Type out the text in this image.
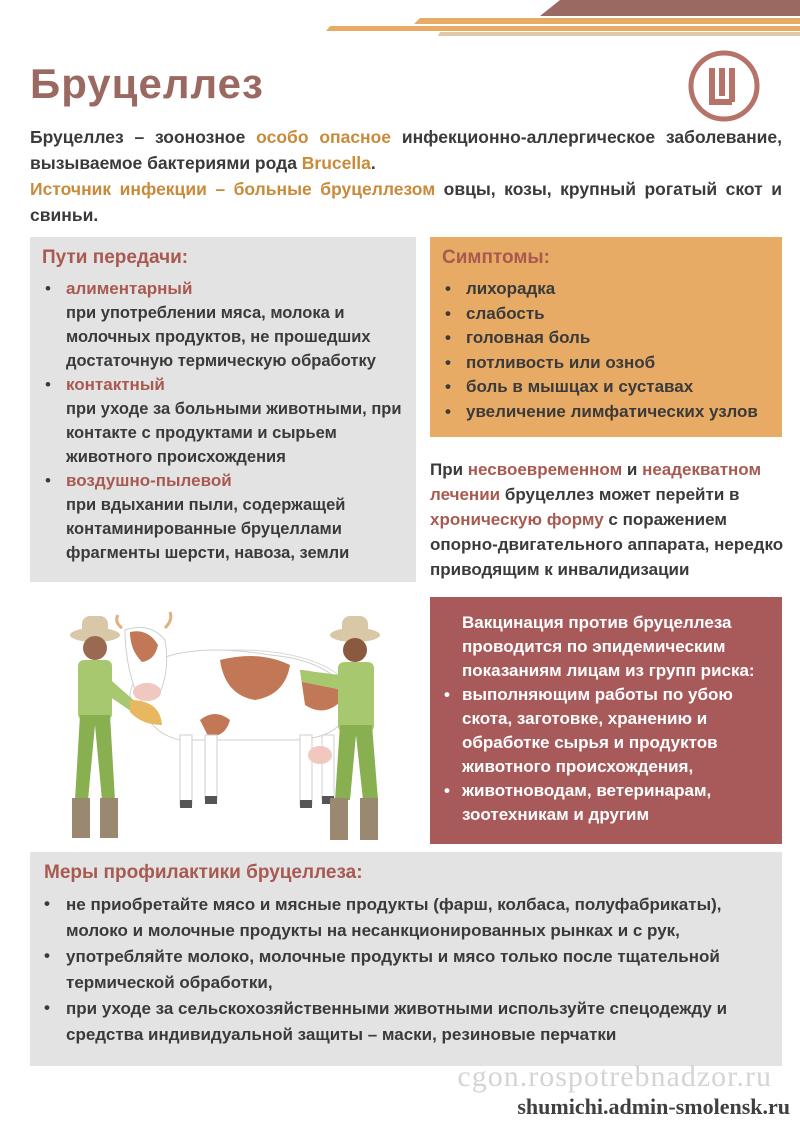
Бруцеллез

Бруцеллез – зоонозное особо опасное инфекционно-аллергическое заболевание, вызываемое бактериями рода Brucella.

Источник инфекции – больные бруцеллезом овцы, козы, крупный рогатый скот и свиньи.

Пути передачи:
• алиментарный
при употреблении мяса, молока и молочных продуктов, не прошедших достаточную термическую обработку
• контактный
при уходе за больными животными, при контакте с продуктами и сырьем животного происхождения
• воздушно-пылевой
при вдыхании пыли, содержащей контаминированные бруцеллами фрагменты шерсти, навоза, земли
Симптомы:
• лихорадка
• слабость
• головная боль
• потливость или озноб
• боль в мышцах и суставах
• увеличение лимфатических узлов
При несвоевременном и неадекватном лечении бруцеллез может перейти в хроническую форму с поражением опорно-двигательного аппарата, нередко приводящим к инвалидизации
Вакцинация против бруцеллеза проводится по эпидемическим показаниям лицам из групп риска:
• выполняющим работы по убою скота, заготовке, хранению и обработке сырья и продуктов животного происхождения,
• животноводам, ветеринарам, зоотехникам и другим
Меры профилактики бруцеллеза:
• не приобретайте мясо и мясные продукты (фарш, колбаса, полуфабрикаты), молоко и молочные продукты на несанкционированных рынках и с рук,
• употребляйте молоко, молочные продукты и мясо только после тщательной термической обработки,
• при уходе за сельскохозяйственными животными используйте спецодежду и средства индивидуальной защиты – маски, резиновые перчатки
cgon.rospotrebnadzor.ru
shumichi.admin-smolensk.ru
